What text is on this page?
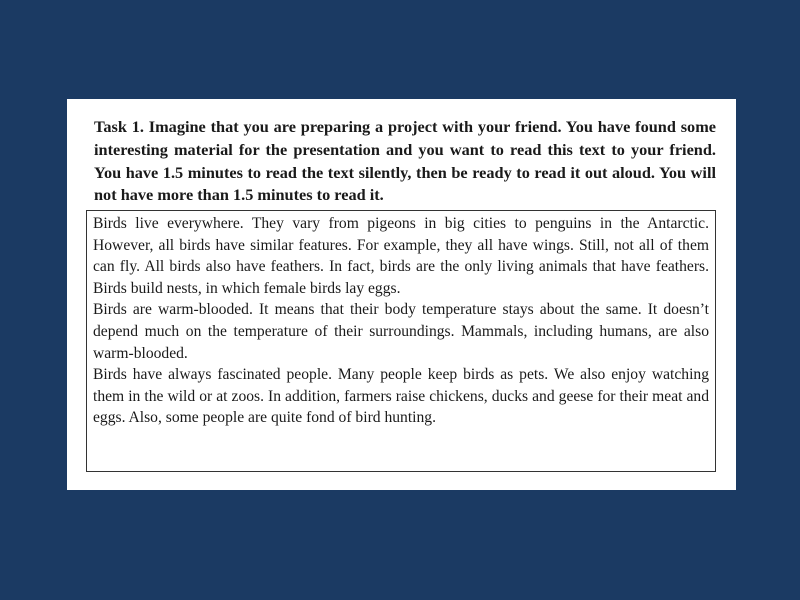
Task 1. Imagine that you are preparing a project with your friend. You have found some interesting material for the presentation and you want to read this text to your friend. You have 1.5 minutes to read the text silently, then be ready to read it out aloud. You will not have more than 1.5 minutes to read it.

Birds live everywhere. They vary from pigeons in big cities to penguins in the Antarctic. However, all birds have similar features. For example, they all have wings. Still, not all of them can fly. All birds also have feathers. In fact, birds are the only living animals that have feathers. Birds build nests, in which female birds lay eggs.

Birds are warm-blooded. It means that their body temperature stays about the same. It doesn’t depend much on the temperature of their surroundings. Mammals, including humans, are also warm-blooded.

Birds have always fascinated people. Many people keep birds as pets. We also enjoy watching them in the wild or at zoos. In addition, farmers raise chickens, ducks and geese for their meat and eggs. Also, some people are quite fond of bird hunting.
